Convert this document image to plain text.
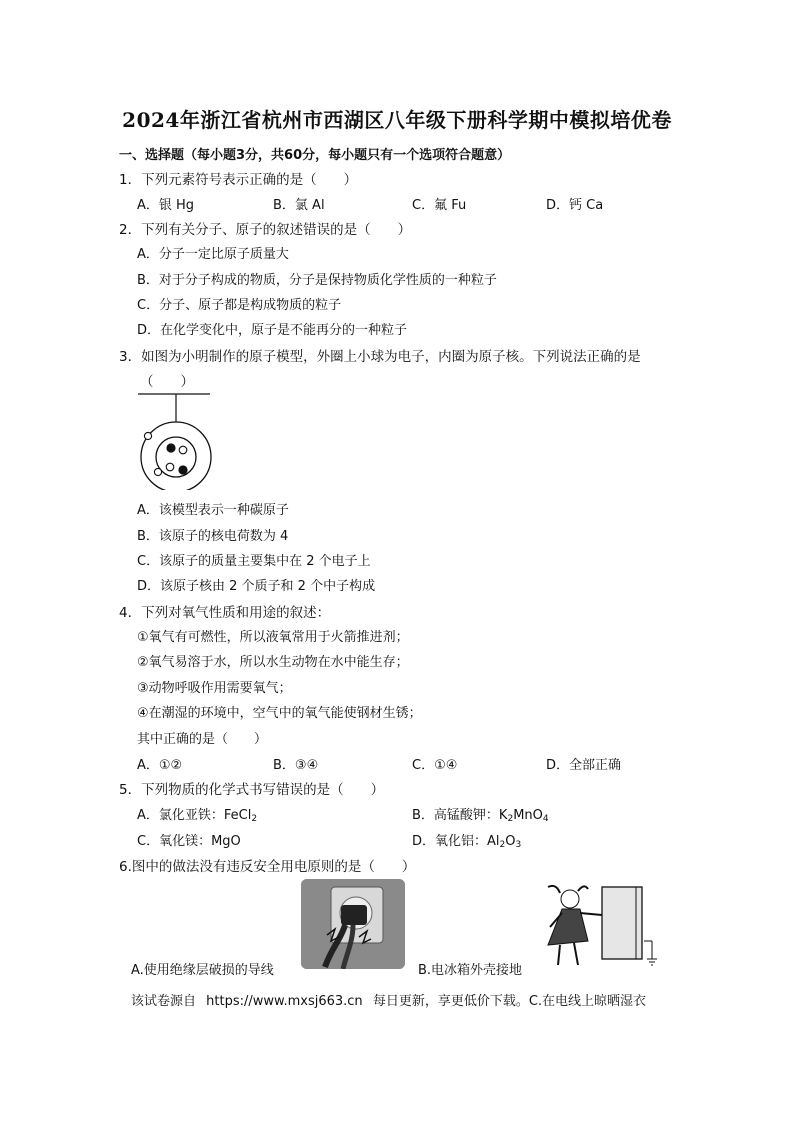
2024年浙江省杭州市西湖区八年级下册科学期中模拟培优卷
一、选择题（每小题3分，共60分，每小题只有一个选项符合题意）
1．下列元素符号表示正确的是（　　）
A．银 Hg	B．氯 Al	C．氟 Fu	D．钙 Ca
2．下列有关分子、原子的叙述错误的是（　　）
A．分子一定比原子质量大
B．对于分子构成的物质，分子是保持物质化学性质的一种粒子
C．分子、原子都是构成物质的粒子
D．在化学变化中，原子是不能再分的一种粒子
3．如图为小明制作的原子模型，外圈上小球为电子，内圈为原子核。下列说法正确的是
（　　）
A．该模型表示一种碳原子
B．该原子的核电荷数为 4
C．该原子的质量主要集中在 2 个电子上
D．该原子核由 2 个质子和 2 个中子构成
4．下列对氧气性质和用途的叙述：
①氧气有可燃性，所以液氧常用于火箭推进剂；
②氧气易溶于水，所以水生动物在水中能生存；
③动物呼吸作用需要氧气；
④在潮湿的环境中，空气中的氧气能使钢材生锈；
其中正确的是（　　）
A．①②	B．③④	C．①④	D．全部正确
5．下列物质的化学式书写错误的是（　　）
A．氯化亚铁：FeCl$_2$	B．高锰酸钾：$K_2MnO_4$
C．氧化镁：MgO	D．氧化铝：$Al_2O_3$
6.图中的做法没有违反安全用电原则的是（　　）
A.使用绝缘层破损的导线	B.电冰箱外壳接地
该试卷源自 https://www.mxsj663.cn 每日更新，享更低价下载。C.在电线上晾晒湿衣
